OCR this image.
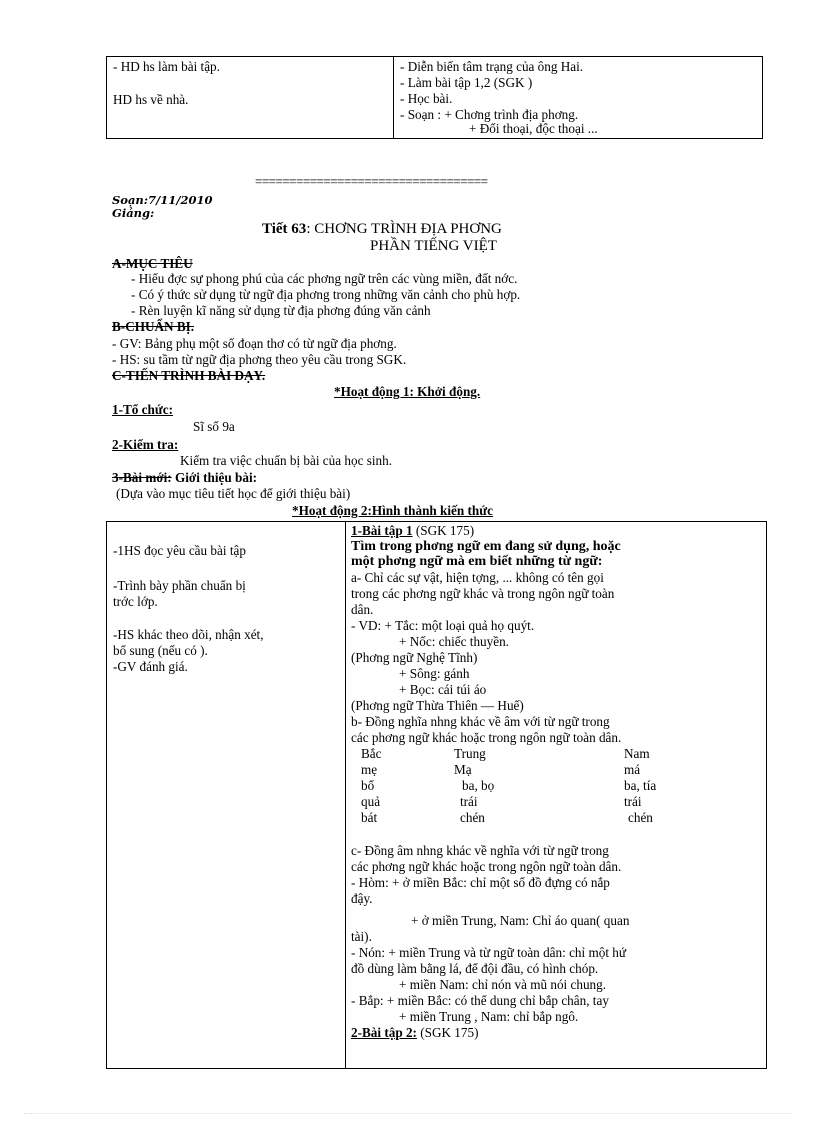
- HD hs làm bài tập.
HD hs về nhà.

- Diễn biến tâm trạng của ông Hai.
- Làm bài tập 1,2 (SGK )
- Học bài.
- Soạn : + Chơng trình địa phơng.
+ Đối thoại, độc thoại ...
==================================
Soạn:7/11/2010
Giảng:
Tiết 63: CHƠNG TRÌNH ĐỊA PHƠNG
PHẦN TIẾNG VIỆT
A-MỤC TIÊU
- Hiểu đợc sự phong phú của các phơng ngữ trên các vùng miền, đất nớc.
- Có ý thức sử dụng từ ngữ địa phơng trong những văn cảnh cho phù hợp.
- Rèn luyện kĩ năng sử dụng từ địa phơng đúng văn cảnh
B-CHUẨN BỊ.
- GV: Bảng phụ một số đoạn thơ có từ ngữ địa phơng.
- HS: su tầm từ ngữ địa phơng theo yêu cầu trong SGK.
C-TIẾN TRÌNH BÀI DẠY.
*Hoạt động 1: Khởi động.
1-Tổ chức:
Sĩ số 9a
2-Kiểm tra:
Kiểm tra việc chuẩn bị bài của học sinh.
3-Bài mới: Giới thiệu bài:
(Dựa vào mục tiêu tiết học để giới thiệu bài)
*Hoạt động 2:Hình thành kiến thức
-1HS đọc yêu cầu bài tập
-Trình bày phần chuẩn bị
trớc lớp.
-HS khác theo dõi, nhận xét,
bổ sung (nếu có ).
-GV đánh giá.

1-Bài tập 1 (SGK 175)
Tìm trong phơng ngữ em đang sử dụng, hoặc
một phơng ngữ mà em biết những từ ngữ:
a- Chỉ các sự vật, hiện tợng, ... không có tên gọi
trong các phơng ngữ khác và trong ngôn ngữ toàn
dân.
- VD: + Tắc: một loại quả họ quýt.
+ Nốc: chiếc thuyền.
(Phơng ngữ Nghệ Tĩnh)
+ Sông: gánh
+ Bọc: cái túi áo
(Phơng ngữ Thừa Thiên — Huế)
b- Đồng nghĩa nhng khác về âm với từ ngữ trong
các phơng ngữ khác hoặc trong ngôn ngữ toàn dân.
Bắc	Trung	Nam
mẹ	Mạ	má
bố	ba, bọ	ba, tía
quả	trái	trái
bát	chén	chén
c- Đồng âm nhng khác về nghĩa với từ ngữ trong
các phơng ngữ khác hoặc trong ngôn ngữ toàn dân.
- Hòm: + ở miền Bắc: chỉ một số đồ đựng có nắp
đậy.
+ ở miền Trung, Nam: Chỉ áo quan( quan
tài).
- Nón: + miền Trung và từ ngữ toàn dân: chỉ một hứ
đồ dùng làm bằng lá, để đội đầu, có hình chóp.
+ miền Nam: chỉ nón và mũ nói chung.
- Bắp: + miền Bắc: có thể dung chỉ bắp chân, tay
+ miền Trung , Nam: chỉ bắp ngô.
2-Bài tập 2: (SGK 175)
